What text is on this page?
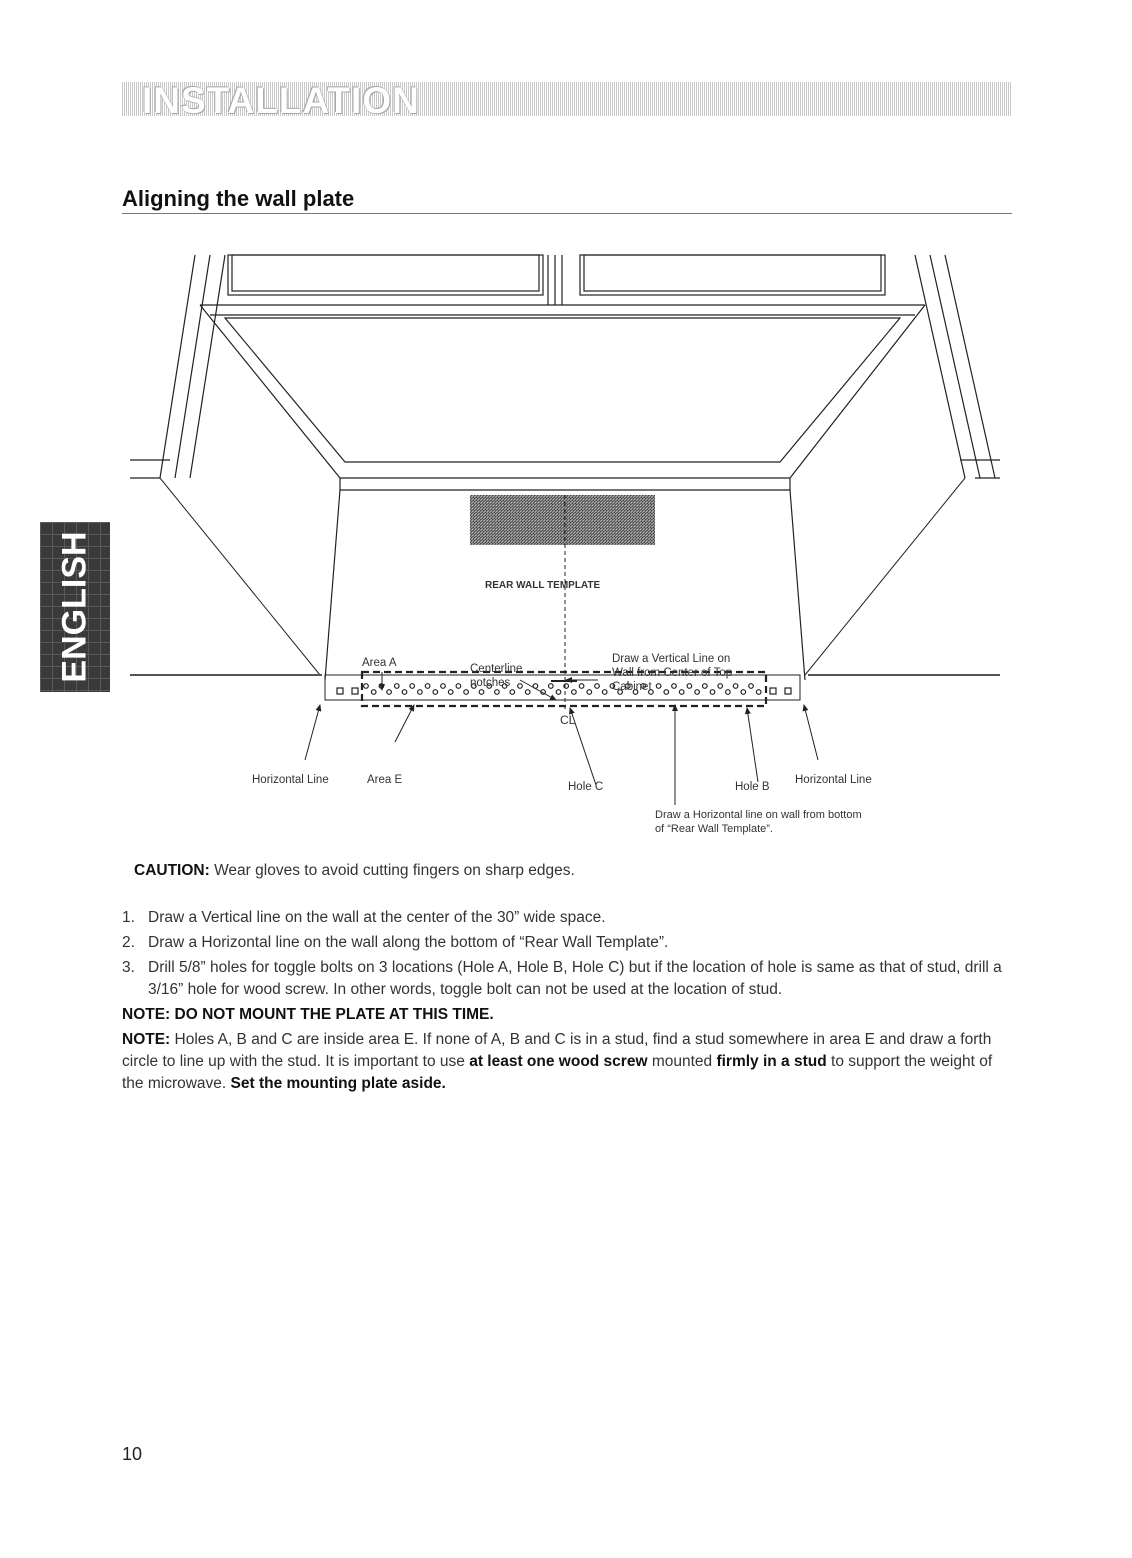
INSTALLATION
Aligning the wall plate
ENGLISH	REAR WALL TEMPLATE
Area A	Centerline
notches
Draw a Vertical Line on
Wall from Center of Top
Cabinet
CL
Horizontal Line	Area E
Hole C	Hole B
Horizontal Line
Draw a Horizontal line on wall from bottom
of “Rear Wall Template”.
CAUTION: Wear gloves to avoid cutting fingers on sharp edges.
1. Draw a Vertical line on the wall at the center of the 30” wide space.
2. Draw a Horizontal line on the wall along the bottom of “Rear Wall Template”.
3. Drill 5/8” holes for toggle bolts on 3 locations (Hole A, Hole B, Hole C) but if the location of hole is same as that of stud, drill a 3/16” hole for wood screw. In other words, toggle bolt can not be used at the location of stud.
NOTE: DO NOT MOUNT THE PLATE AT THIS TIME.
NOTE: Holes A, B and C are inside area E. If none of A, B and C is in a stud, find a stud somewhere in area E and draw a forth circle to line up with the stud. It is important to use at least one wood screw mounted firmly in a stud to support the weight of the microwave. Set the mounting plate aside.
10
